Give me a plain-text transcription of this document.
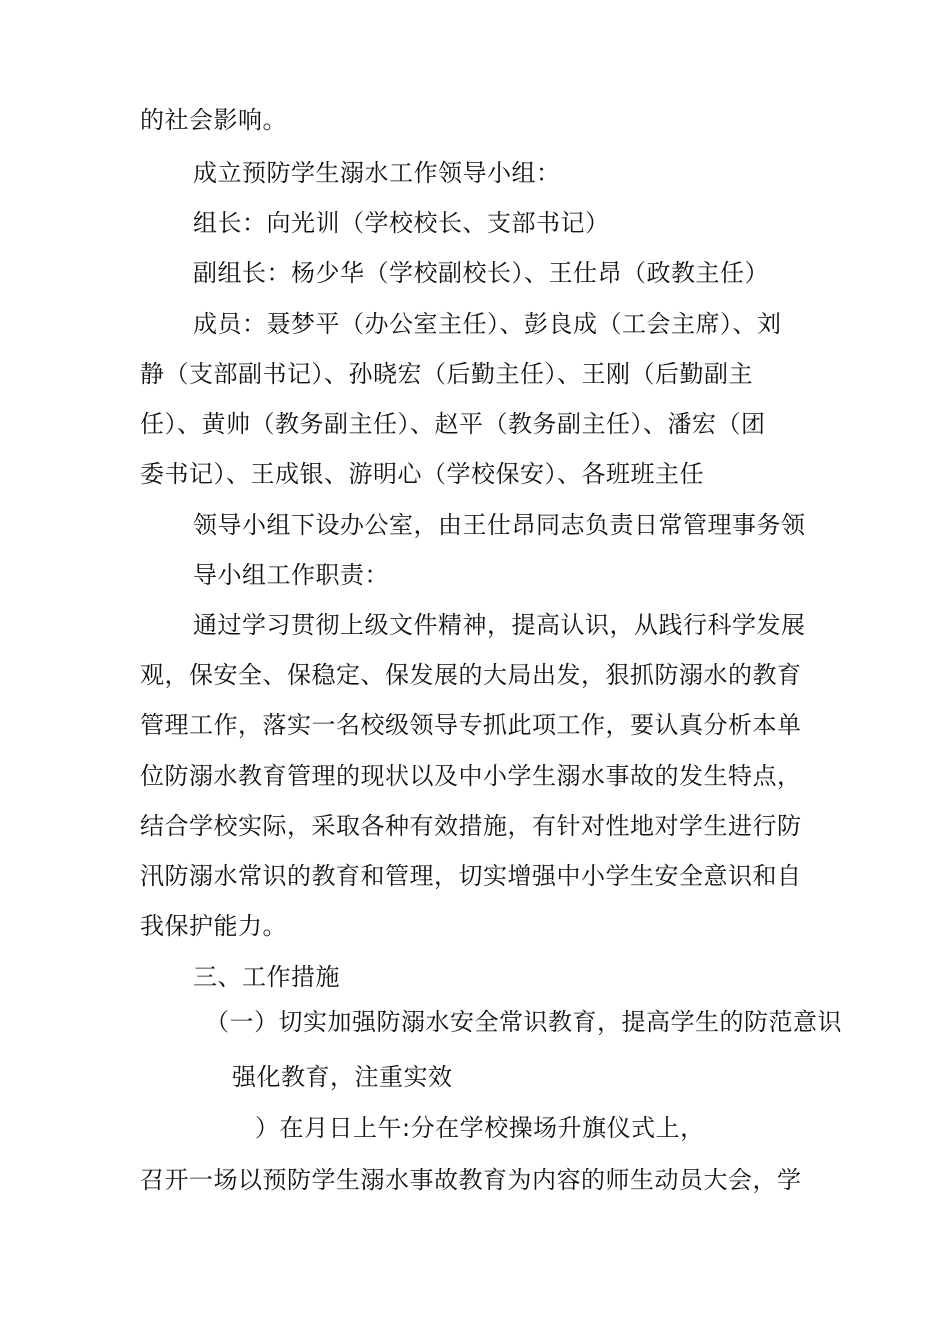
的社会影响。

成立预防学生溺水工作领导小组：

组长：向光训（学校校长、支部书记）

副组长：杨少华（学校副校长）、王仕昂（政教主任）

成员：聂梦平（办公室主任）、彭良成（工会主席）、刘

静（支部副书记）、孙晓宏（后勤主任）、王刚（后勤副主

任）、黄帅（教务副主任）、赵平（教务副主任）、潘宏（团

委书记）、王成银、游明心（学校保安）、各班班主任

领导小组下设办公室，由王仕昂同志负责日常管理事务领

导小组工作职责：

通过学习贯彻上级文件精神，提高认识，从践行科学发展

观，保安全、保稳定、保发展的大局出发，狠抓防溺水的教育

管理工作，落实一名校级领导专抓此项工作，要认真分析本单

位防溺水教育管理的现状以及中小学生溺水事故的发生特点，

结合学校实际，采取各种有效措施，有针对性地对学生进行防

汛防溺水常识的教育和管理，切实增强中小学生安全意识和自

我保护能力。

三、工作措施

（一）切实加强防溺水安全常识教育，提高学生的防范意识

强化教育，注重实效

）在月日上午:分在学校操场升旗仪式上，

召开一场以预防学生溺水事故教育为内容的师生动员大会，学
